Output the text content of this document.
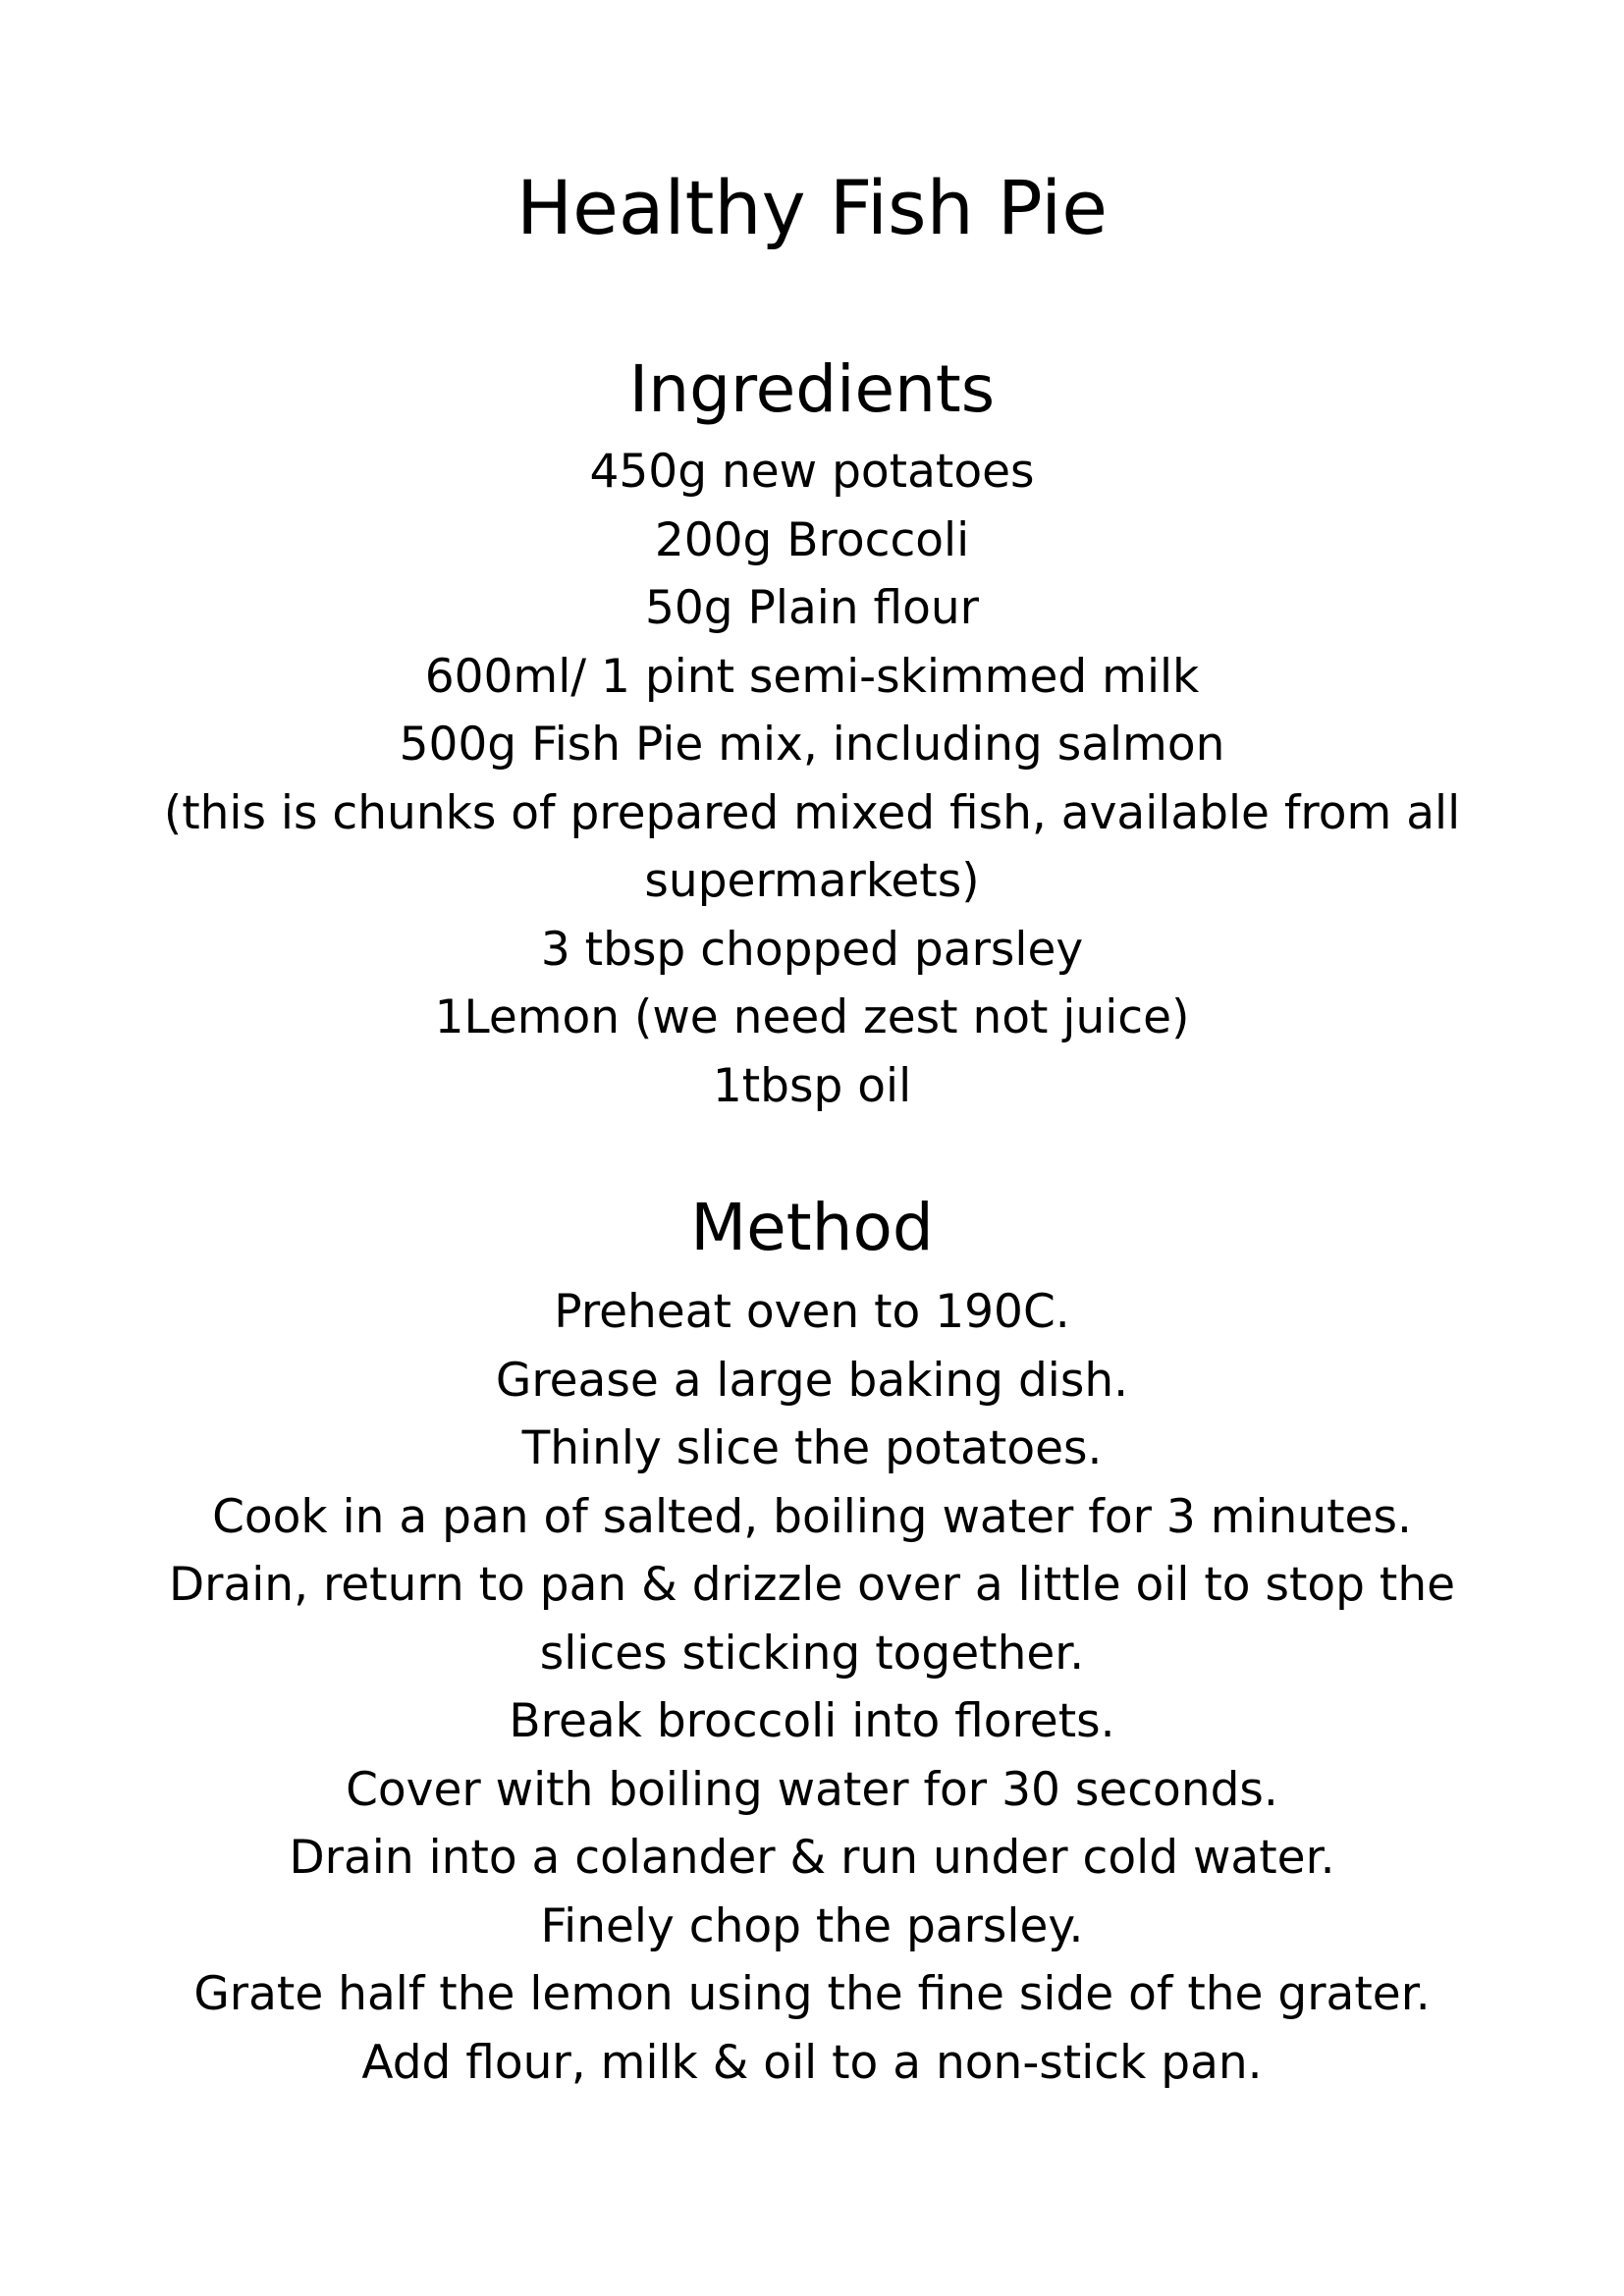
Healthy Fish Pie
Ingredients
450g new potatoes
200g Broccoli
50g Plain flour
600ml/ 1 pint semi-skimmed milk
500g Fish Pie mix, including salmon
(this is chunks of prepared mixed fish, available from all
supermarkets)
3 tbsp chopped parsley
1Lemon (we need zest not juice)
1tbsp oil
Method
Preheat oven to 190C.
Grease a large baking dish.
Thinly slice the potatoes.
Cook in a pan of salted, boiling water for 3 minutes.
Drain, return to pan & drizzle over a little oil to stop the
slices sticking together.
Break broccoli into florets.
Cover with boiling water for 30 seconds.
Drain into a colander & run under cold water.
Finely chop the parsley.
Grate half the lemon using the fine side of the grater.
Add flour, milk & oil to a non-stick pan.
